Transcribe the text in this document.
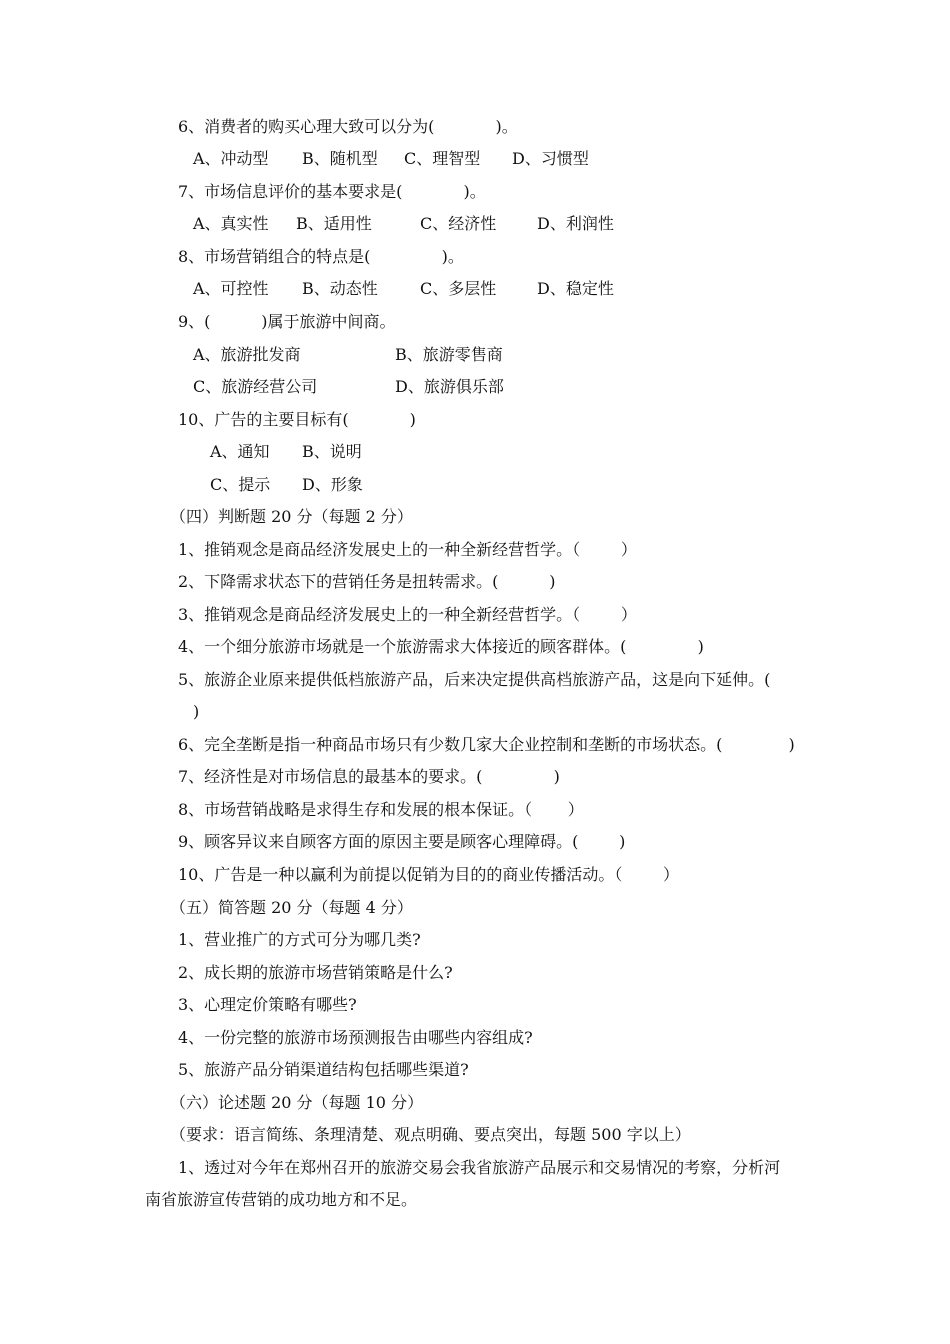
6、消费者的购买心理大致可以分为(            )。

A、冲动型 B、随机型 C、理智型 D、习惯型

7、市场信息评价的基本要求是(            )。

A、真实性 B、适用性	C、经济性	D、利润性

8、市场营销组合的特点是(              )。

A、可控性 B、动态性	C、多层性	D、稳定性

9、(          )属于旅游中间商。

A、旅游批发商	B、旅游零售商
C、旅游经营公司	D、旅游俱乐部

10、广告的主要目标有(            )

A、通知 B、说明
C、提示 D、形象

（四）判断题 20 分（每题 2 分）

1、推销观念是商品经济发展史上的一种全新经营哲学。（        ）

2、下降需求状态下的营销任务是扭转需求。(          )

3、推销观念是商品经济发展史上的一种全新经营哲学。（        ）

4、一个细分旅游市场就是一个旅游需求大体接近的顾客群体。(              )

5、旅游企业原来提供低档旅游产品，后来决定提供高档旅游产品，这是向下延伸。(

)

6、完全垄断是指一种商品市场只有少数几家大企业控制和垄断的市场状态。(             )

7、经济性是对市场信息的最基本的要求。(              )

8、市场营销战略是求得生存和发展的根本保证。（       ）

9、顾客异议来自顾客方面的原因主要是顾客心理障碍。(        )

10、广告是一种以赢利为前提以促销为目的的商业传播活动。（        ）

（五）简答题 20 分（每题 4 分）

1、营业推广的方式可分为哪几类?

2、成长期的旅游市场营销策略是什么?

3、心理定价策略有哪些?

4、一份完整的旅游市场预测报告由哪些内容组成?

5、旅游产品分销渠道结构包括哪些渠道?

（六）论述题 20 分（每题 10 分）

（要求：语言简练、条理清楚、观点明确、要点突出，每题 500 字以上）

1、透过对今年在郑州召开的旅游交易会我省旅游产品展示和交易情况的考察，分析河

南省旅游宣传营销的成功地方和不足。
